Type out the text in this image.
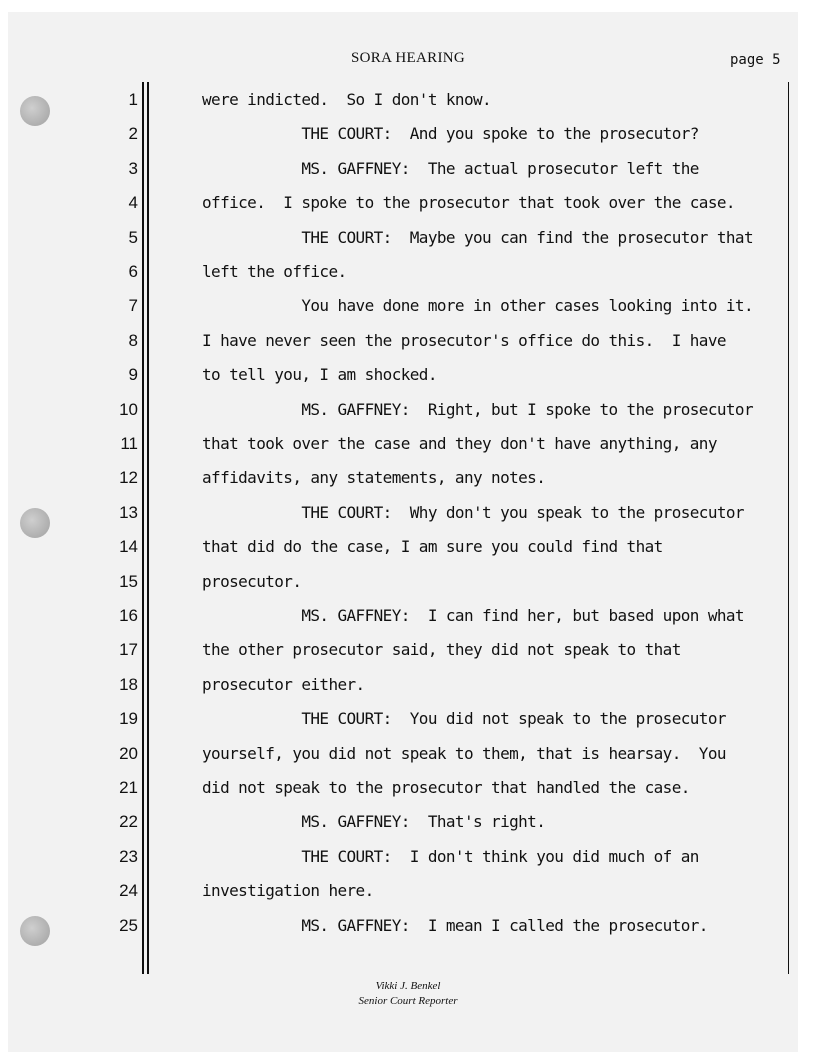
SORA HEARING	page 5
1	were indicted.  So I don't know.
2	THE COURT:  And you spoke to the prosecutor?
3	MS. GAFFNEY:  The actual prosecutor left the
4	office.  I spoke to the prosecutor that took over the case.
5	THE COURT:  Maybe you can find the prosecutor that
6	left the office.
7	You have done more in other cases looking into it.
8	I have never seen the prosecutor's office do this.  I have
9	to tell you, I am shocked.
10	MS. GAFFNEY:  Right, but I spoke to the prosecutor
11	that took over the case and they don't have anything, any
12	affidavits, any statements, any notes.
13	THE COURT:  Why don't you speak to the prosecutor
14	that did do the case, I am sure you could find that
15	prosecutor.
16	MS. GAFFNEY:  I can find her, but based upon what
17	the other prosecutor said, they did not speak to that
18	prosecutor either.
19	THE COURT:  You did not speak to the prosecutor
20	yourself, you did not speak to them, that is hearsay.  You
21	did not speak to the prosecutor that handled the case.
22	MS. GAFFNEY:  That's right.
23	THE COURT:  I don't think you did much of an
24	investigation here.
25	MS. GAFFNEY:  I mean I called the prosecutor.
Vikki J. Benkel
Senior Court Reporter
